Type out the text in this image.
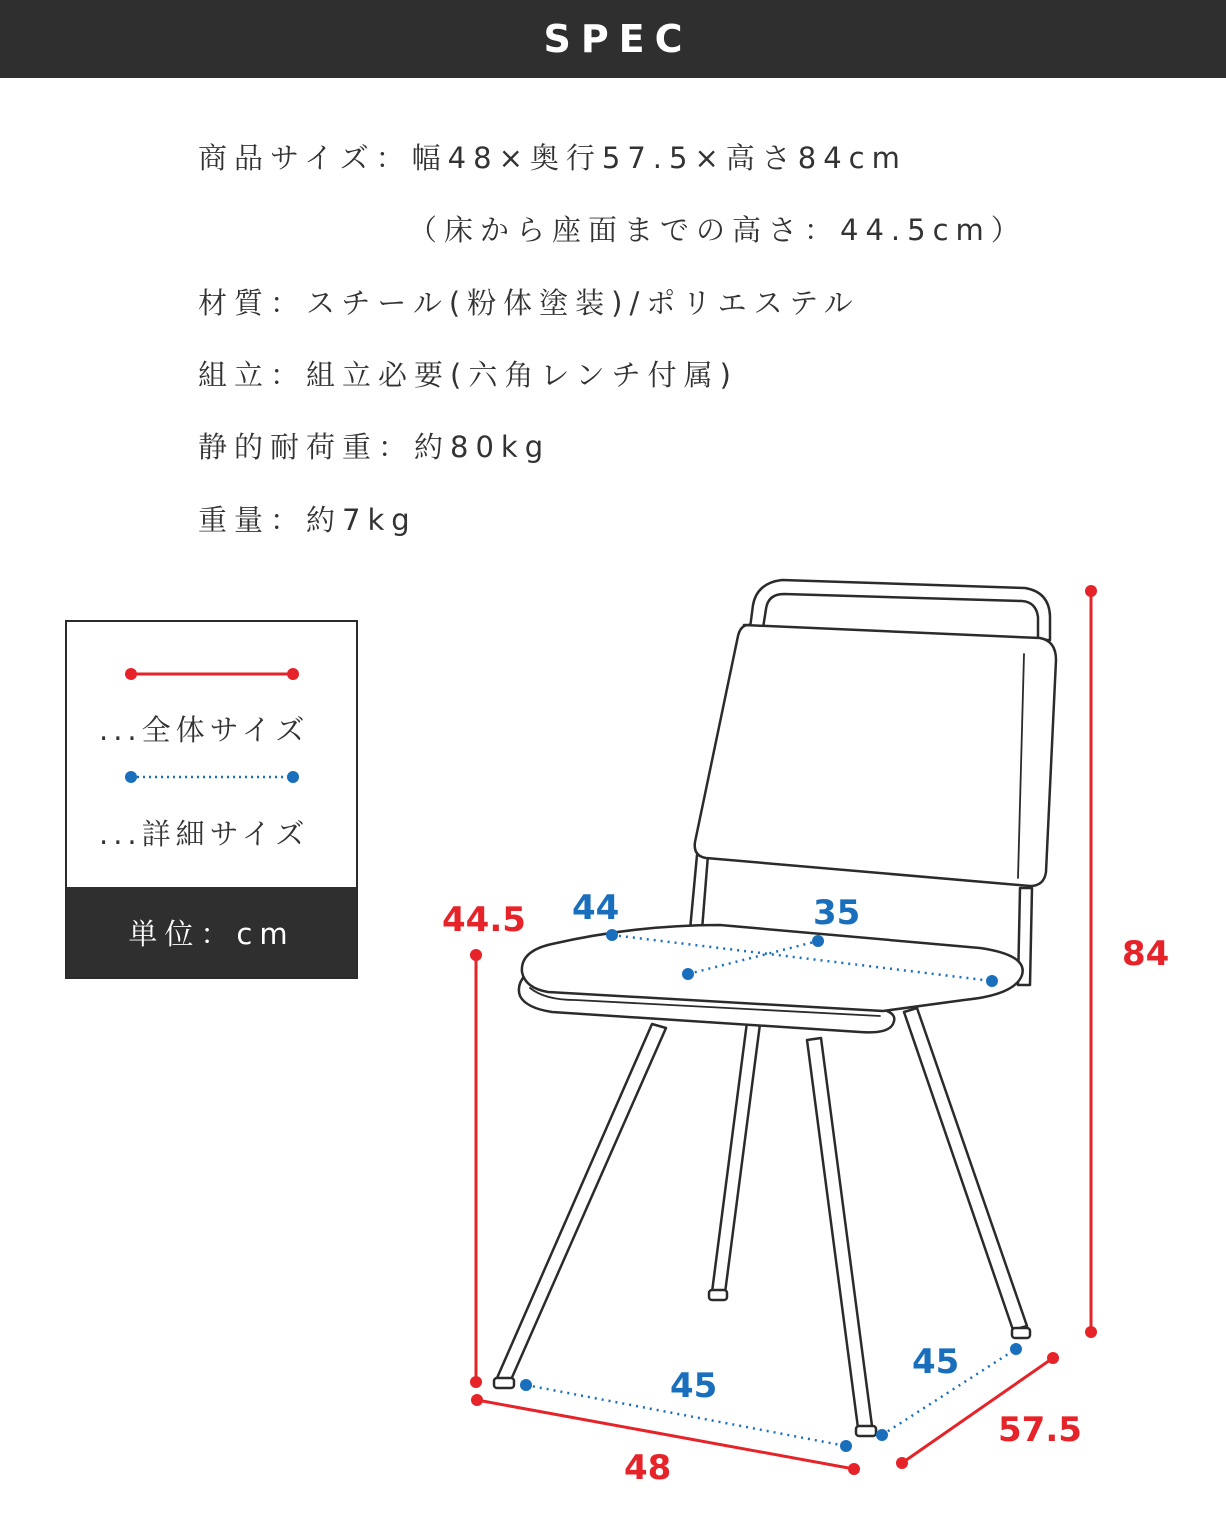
SPEC
商品サイズ：幅48×奥行57.5×高さ84cm
（床から座面までの高さ：44.5cm）
材質：スチール(粉体塗装)/ポリエステル
組立：組立必要(六角レンチ付属)
静的耐荷重：約80kg
重量：約7kg
...全体サイズ
...詳細サイズ
単位：cm
84
44.5
48
57.5
44	35
45
45
